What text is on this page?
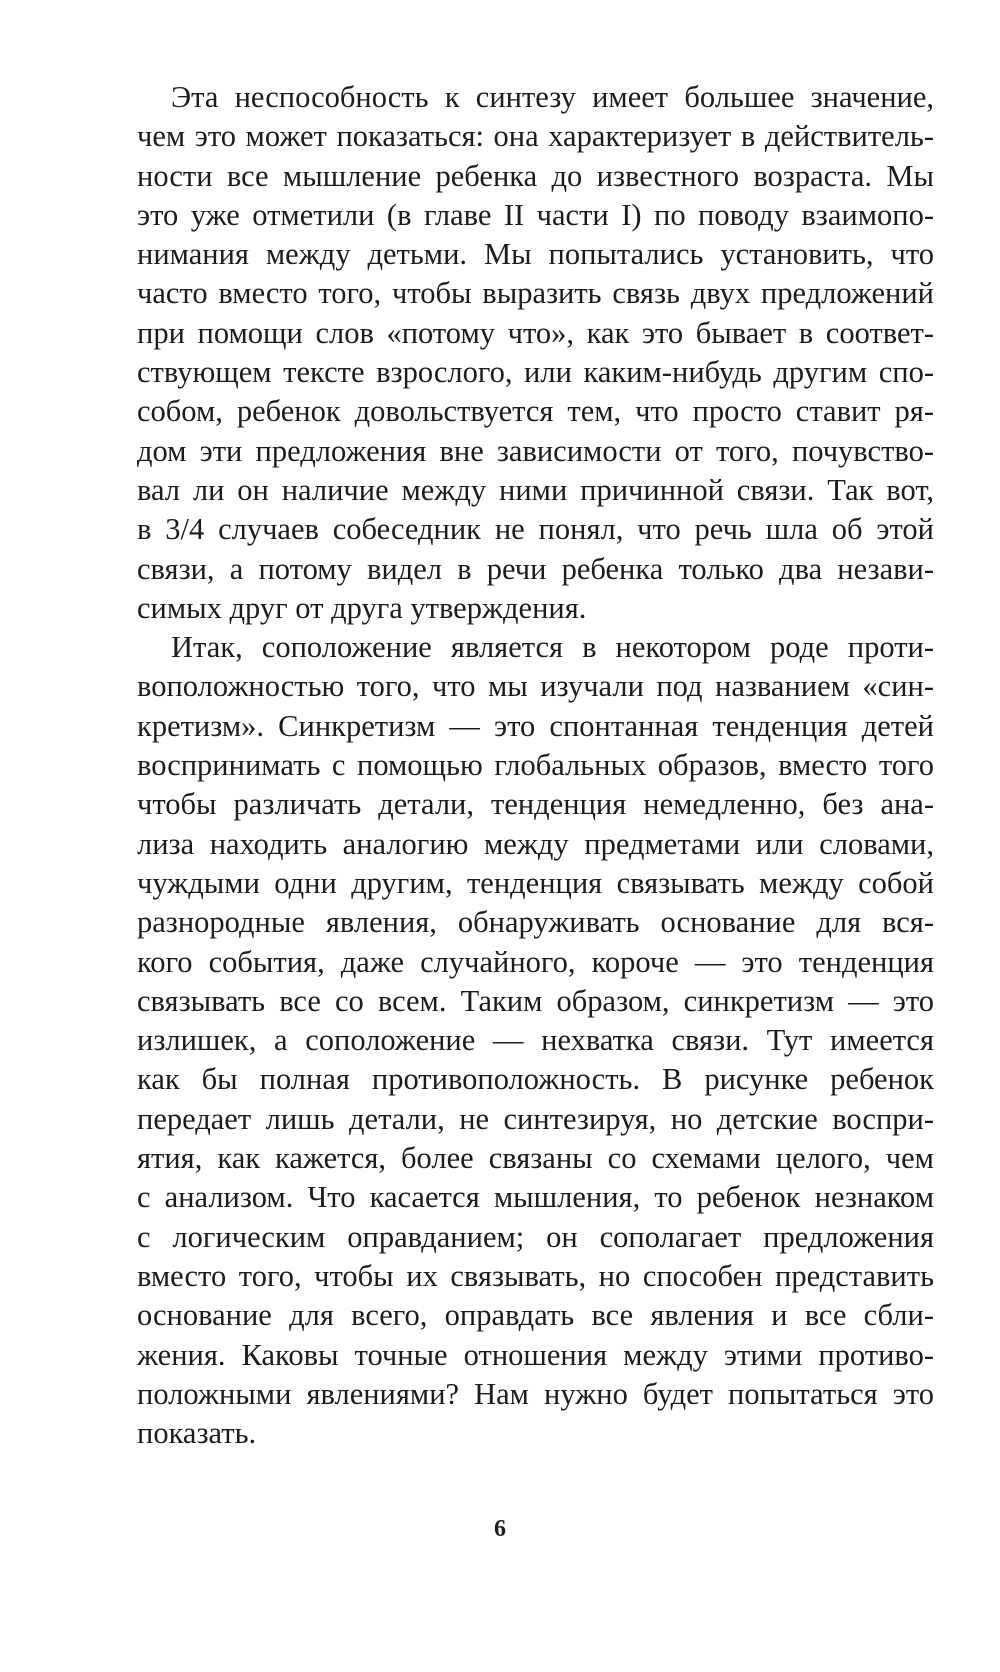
Эта неспособность к синтезу имеет большее значение,
чем это может показаться: она характеризует в действитель-
ности все мышление ребенка до известного возраста. Мы
это уже отметили (в главе II части I) по поводу взаимопо-
нимания между детьми. Мы попытались установить, что
часто вместо того, чтобы выразить связь двух предложений
при помощи слов «потому что», как это бывает в соответ-
ствующем тексте взрослого, или каким-нибудь другим спо-
собом, ребенок довольствуется тем, что просто ставит ря-
дом эти предложения вне зависимости от того, почувство-
вал ли он наличие между ними причинной связи. Так вот,
в 3/4 случаев собеседник не понял, что речь шла об этой
связи, а потому видел в речи ребенка только два незави-
симых друг от друга утверждения.

Итак, соположение является в некотором роде проти-
воположностью того, что мы изучали под названием «син-
кретизм». Синкретизм — это спонтанная тенденция детей
воспринимать с помощью глобальных образов, вместо того
чтобы различать детали, тенденция немедленно, без ана-
лиза находить аналогию между предметами или словами,
чуждыми одни другим, тенденция связывать между собой
разнородные явления, обнаруживать основание для вся-
кого события, даже случайного, короче — это тенденция
связывать все со всем. Таким образом, синкретизм — это
излишек, а соположение — нехватка связи. Тут имеется
как бы полная противоположность. В рисунке ребенок
передает лишь детали, не синтезируя, но детские воспри-
ятия, как кажется, более связаны со схемами целого, чем
с анализом. Что касается мышления, то ребенок незнаком
с логическим оправданием; он сополагает предложения
вместо того, чтобы их связывать, но способен представить
основание для всего, оправдать все явления и все сбли-
жения. Каковы точные отношения между этими противо-
положными явлениями? Нам нужно будет попытаться это
показать.

6
